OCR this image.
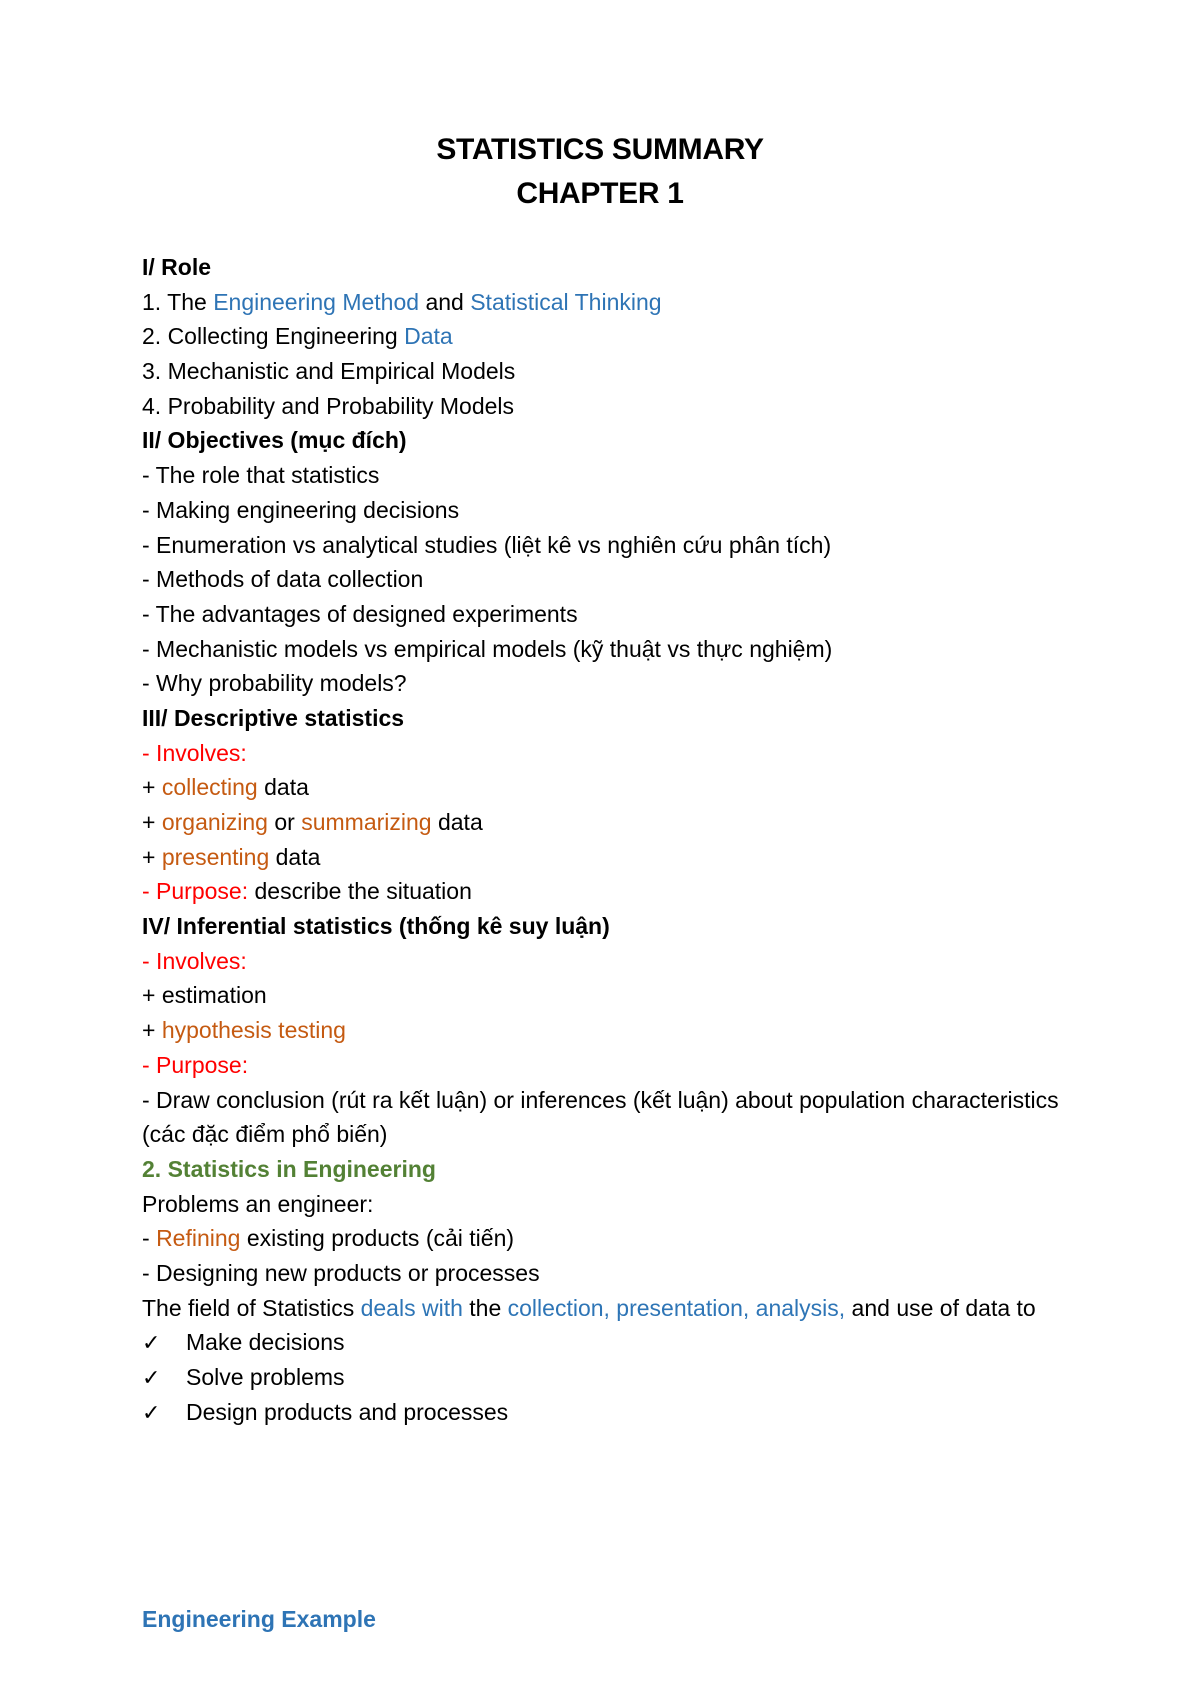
STATISTICS SUMMARY
CHAPTER 1
I/ Role
1. The Engineering Method and Statistical Thinking
2. Collecting Engineering Data
3. Mechanistic and Empirical Models
4. Probability and Probability Models
II/ Objectives (mục đích)
- The role that statistics
- Making engineering decisions
- Enumeration vs analytical studies (liệt kê vs nghiên cứu phân tích)
- Methods of data collection
- The advantages of designed experiments
- Mechanistic models vs empirical models (kỹ thuật vs thực nghiệm)
- Why probability models?
III/ Descriptive statistics
- Involves:
+ collecting data
+ organizing or summarizing data
+ presenting data
- Purpose: describe the situation
IV/ Inferential statistics (thống kê suy luận)
- Involves:
+ estimation
+ hypothesis testing
- Purpose:
- Draw conclusion (rút ra kết luận) or inferences (kết luận) about population characteristics (các đặc điểm phổ biến)
2. Statistics in Engineering
Problems an engineer:
- Refining existing products (cải tiến)
- Designing new products or processes
The field of Statistics deals with the collection, presentation, analysis, and use of data to
✓ Make decisions
✓ Solve problems
✓ Design products and processes
Engineering Example
